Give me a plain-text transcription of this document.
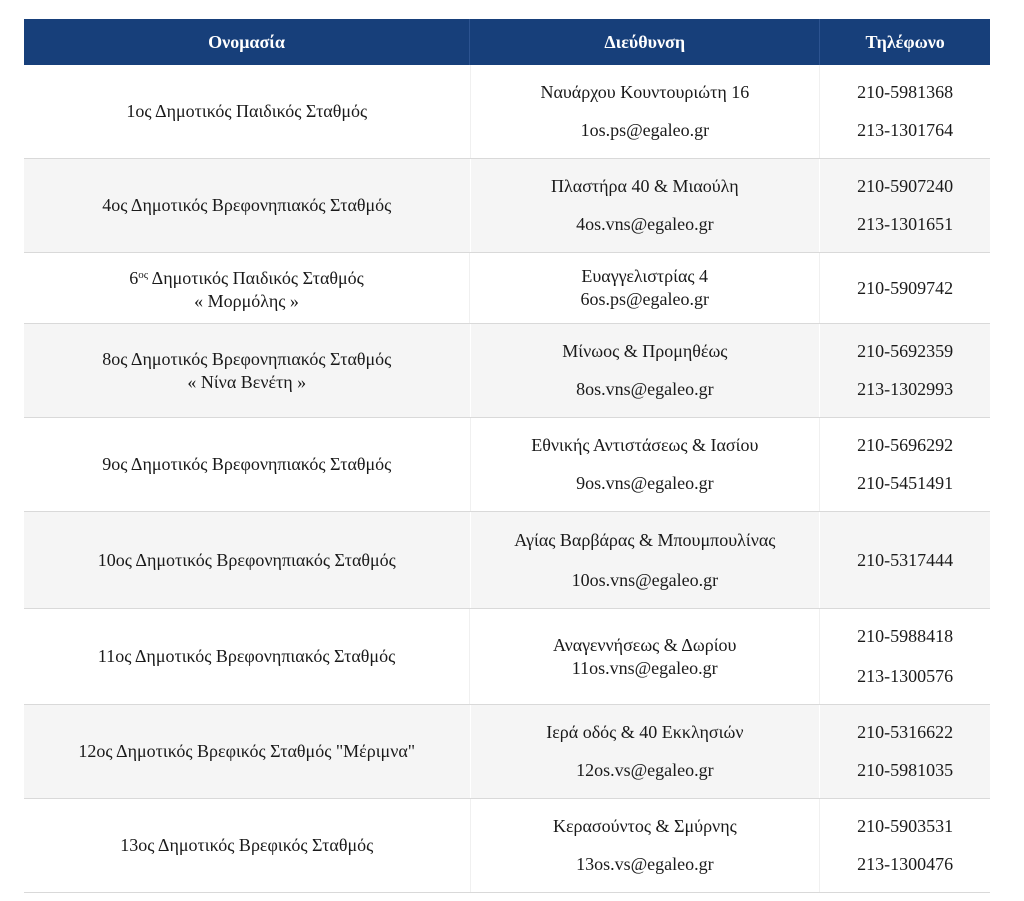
Ονομασία	Διεύθυνση	Τηλέφωνο
1ος Δημοτικός Παιδικός Σταθμός
Ναυάρχου Κουντουριώτη 16
1os.ps@egaleo.gr
210-5981368
213-1301764
4ος Δημοτικός Βρεφονηπιακός Σταθμός
Πλαστήρα 40 & Μιαούλη
4os.vns@egaleo.gr
210-5907240
213-1301651
$6^{o\varsigma}$ Δημοτικός Παιδικός Σταθμός
« Μορμόλης »
Ευαγγελιστρίας 4
6os.ps@egaleo.gr
210-5909742
8ος Δημοτικός Βρεφονηπιακός Σταθμός
« Νίνα Βενέτη »
Μίνωος & Προμηθέως
8os.vns@egaleo.gr
210-5692359
213-1302993
9ος Δημοτικός Βρεφονηπιακός Σταθμός
Εθνικής Αντιστάσεως & Ιασίου
9os.vns@egaleo.gr
210-5696292
210-5451491
10ος Δημοτικός Βρεφονηπιακός Σταθμός
Αγίας Βαρβάρας & Μπουμπουλίνας
10os.vns@egaleo.gr
210-5317444
11ος Δημοτικός Βρεφονηπιακός Σταθμός
Αναγεννήσεως & Δωρίου
11os.vns@egaleo.gr
210-5988418
213-1300576
12ος Δημοτικός Βρεφικός Σταθμός "Μέριμνα"
Ιερά οδός & 40 Εκκλησιών
12os.vs@egaleo.gr
210-5316622
210-5981035
13ος Δημοτικός Βρεφικός Σταθμός
Κερασούντος & Σμύρνης
13os.vs@egaleo.gr
210-5903531
213-1300476
